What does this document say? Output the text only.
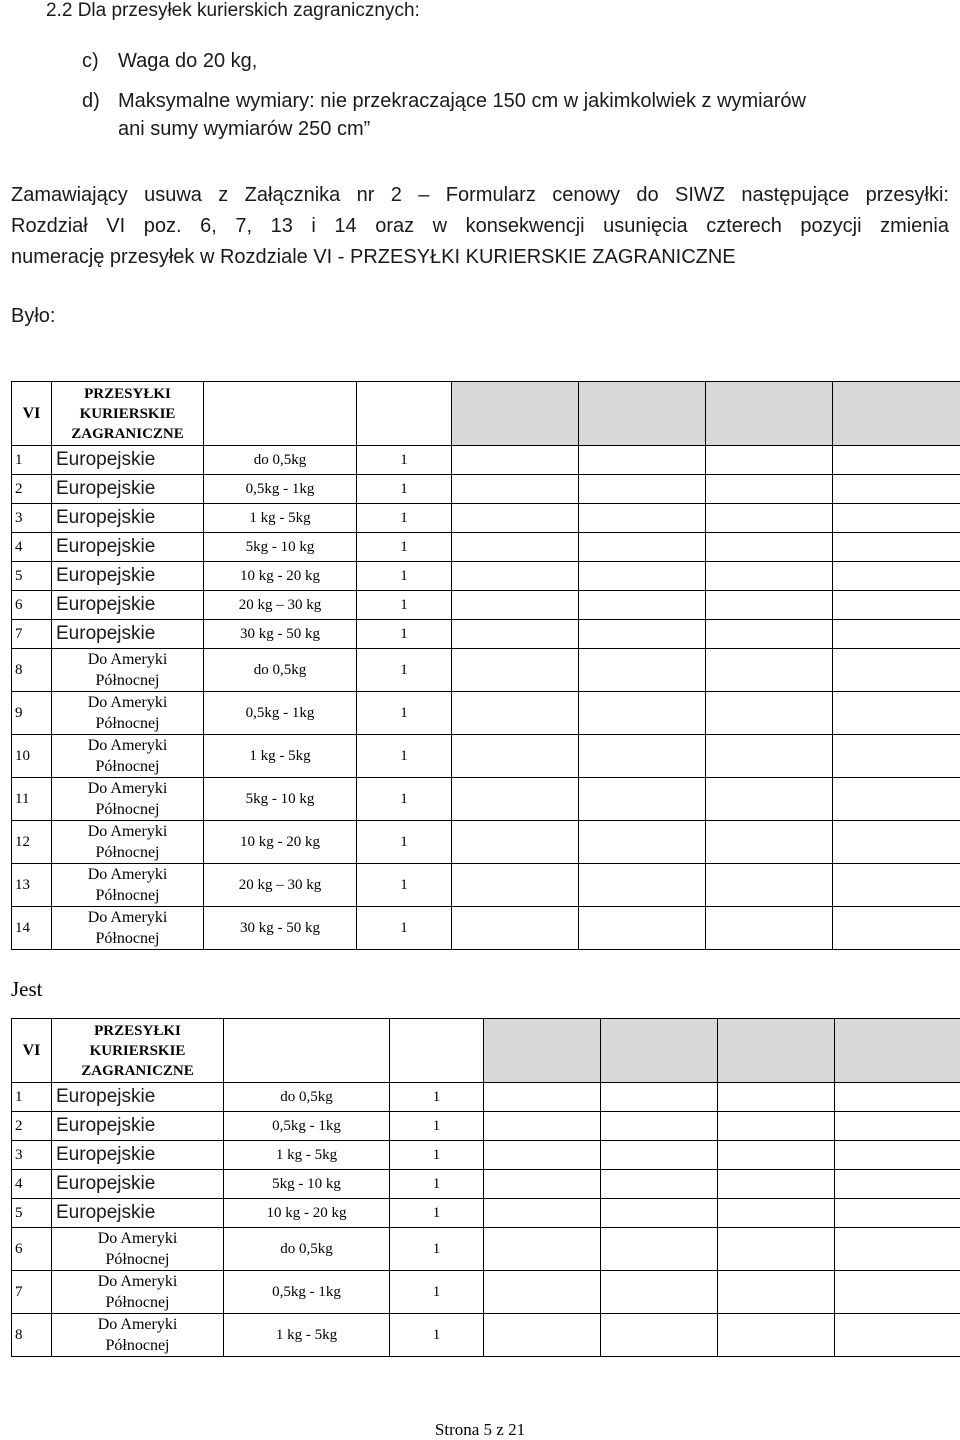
2.2 Dla przesyłek kurierskich zagranicznych:
c) Waga do 20 kg,
d) Maksymalne wymiary: nie przekraczające 150 cm w jakimkolwiek z wymiarów
ani sumy wymiarów 250 cm”
Zamawiający usuwa z Załącznika nr 2 – Formularz cenowy do SIWZ następujące przesyłki:
Rozdział VI poz. 6, 7, 13 i 14 oraz w konsekwencji usunięcia czterech pozycji zmienia
numerację przesyłek w Rozdziale VI - PRZESYŁKI KURIERSKIE ZAGRANICZNE
Było:
VI	PRZESYŁKI
KURIERSKIE
ZAGRANICZNE						

1	Europejskie	do 0,5kg	1				
2	Europejskie	0,5kg - 1kg	1				
3	Europejskie	1 kg - 5kg	1				
4	Europejskie	5kg - 10 kg	1				
5	Europejskie	10 kg - 20 kg	1				
6	Europejskie	20 kg – 30 kg	1				
7	Europejskie	30 kg - 50 kg	1				
8	Do Ameryki
Północnej	do 0,5kg	1				
9	Do Ameryki
Północnej	0,5kg - 1kg	1				
10	Do Ameryki
Północnej	1 kg - 5kg	1				
11	Do Ameryki
Północnej	5kg - 10 kg	1				
12	Do Ameryki
Północnej	10 kg - 20 kg	1				
13	Do Ameryki
Północnej	20 kg – 30 kg	1				
14	Do Ameryki
Północnej	30 kg - 50 kg	1				
Jest
VI	PRZESYŁKI
KURIERSKIE
ZAGRANICZNE						

1	Europejskie	do 0,5kg	1				
2	Europejskie	0,5kg - 1kg	1				
3	Europejskie	1 kg - 5kg	1				
4	Europejskie	5kg - 10 kg	1				
5	Europejskie	10 kg - 20 kg	1				
6	Do Ameryki
Północnej	do 0,5kg	1				
7	Do Ameryki
Północnej	0,5kg - 1kg	1				
8	Do Ameryki
Północnej	1 kg - 5kg	1				
Strona 5 z 21
